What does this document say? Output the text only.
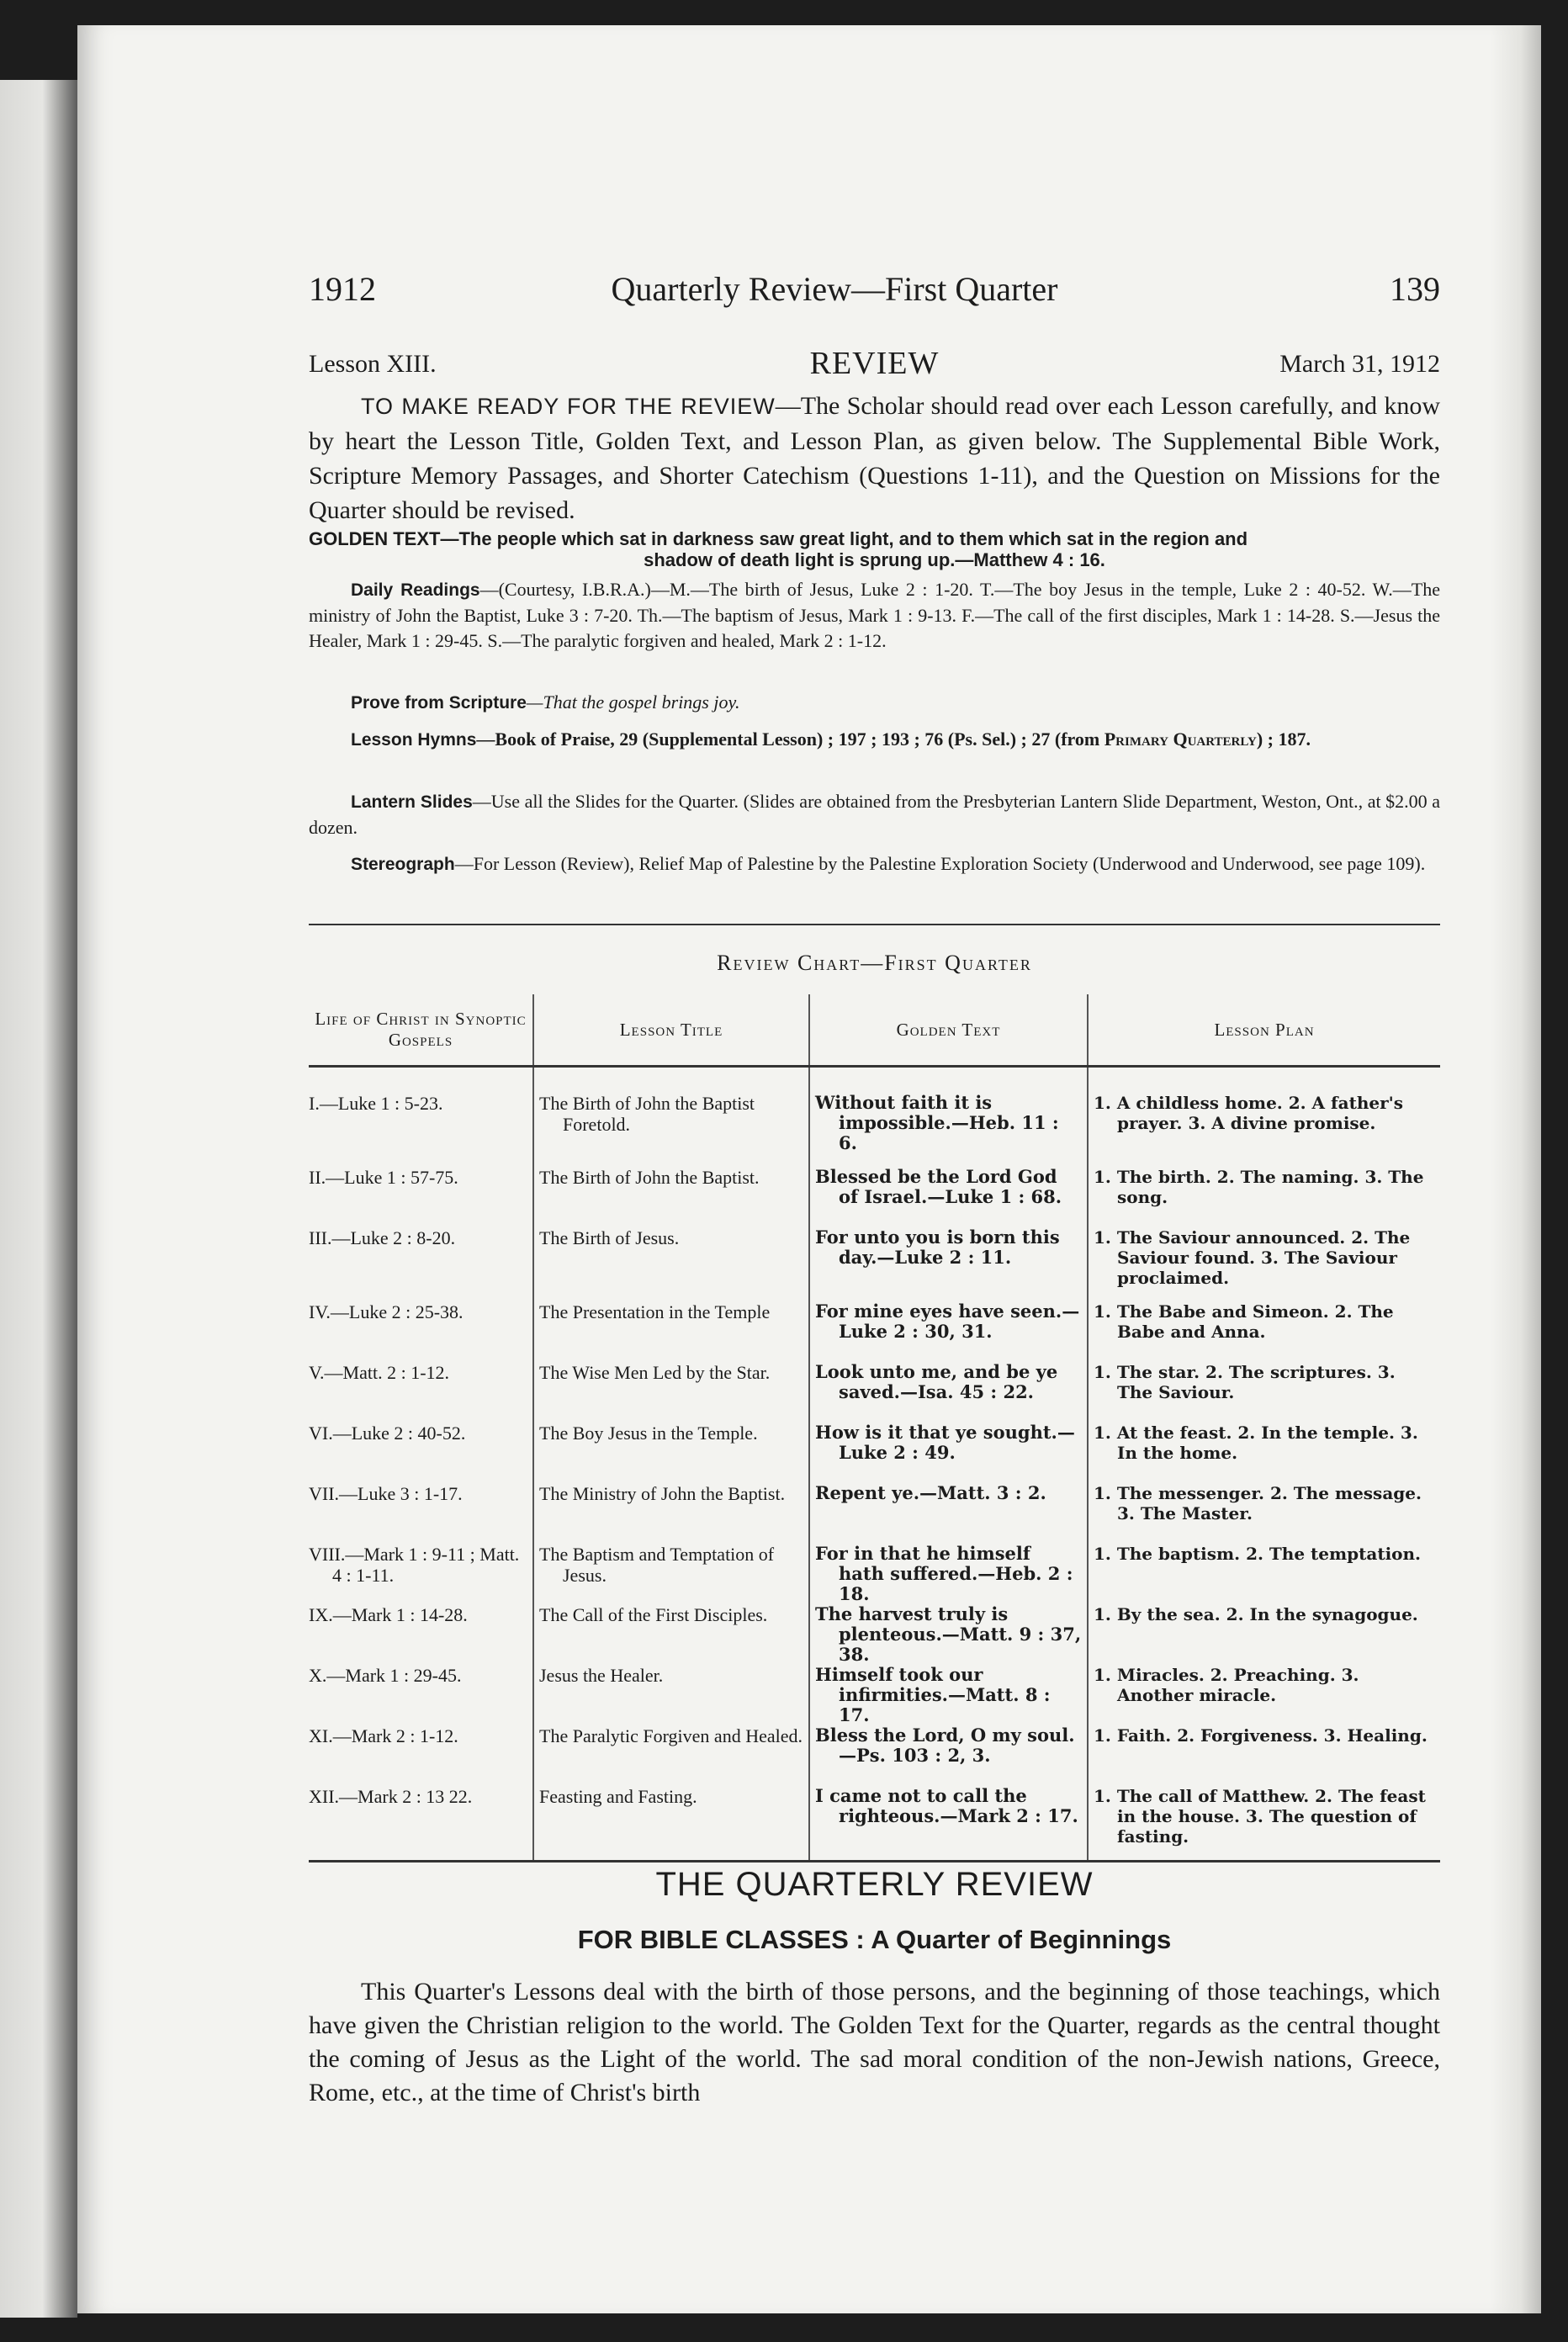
1912	Quarterly Review—First Quarter	139
Lesson XIII.	REVIEW	March 31, 1912
TO MAKE READY FOR THE REVIEW—The Scholar should read over each Lesson carefully, and know by heart the Lesson Title, Golden Text, and Lesson Plan, as given below. The Supplemental Bible Work, Scripture Memory Passages, and Shorter Catechism (Questions 1-11), and the Question on Missions for the Quarter should be revised.
GOLDEN TEXT—The people which sat in darkness saw great light, and to them which sat in the region and
shadow of death light is sprung up.—Matthew 4 : 16.
Daily Readings—(Courtesy, I.B.R.A.)—M.—The birth of Jesus, Luke 2 : 1-20. T.—The boy Jesus in the temple, Luke 2 : 40-52. W.—The ministry of John the Baptist, Luke 3 : 7-20. Th.—The baptism of Jesus, Mark 1 : 9-13. F.—The call of the first disciples, Mark 1 : 14-28. S.—Jesus the Healer, Mark 1 : 29-45. S.—The paralytic forgiven and healed, Mark 2 : 1-12.
Prove from Scripture—That the gospel brings joy.
Lesson Hymns—Book of Praise, 29 (Supplemental Lesson) ; 197 ; 193 ; 76 (Ps. Sel.) ; 27 (from Primary Quarterly) ; 187.
Lantern Slides—Use all the Slides for the Quarter. (Slides are obtained from the Presbyterian Lantern Slide Department, Weston, Ont., at $2.00 a dozen.
Stereograph—For Lesson (Review), Relief Map of Palestine by the Palestine Exploration Society (Underwood and Underwood, see page 109).
Review Chart—First Quarter
Life of Christ in Synoptic Gospels	Lesson Title	Golden Text	Lesson Plan
I.—Luke 1 : 5-23.	The Birth of John the Baptist Foretold.	Without faith it is impossible.—Heb. 11 : 6.	1. A childless home. 2. A father's prayer. 3. A divine promise.

II.—Luke 1 : 57-75.	The Birth of John the Baptist.	Blessed be the Lord God of Israel.—Luke 1 : 68.	1. The birth. 2. The naming. 3. The song.

III.—Luke 2 : 8-20.	The Birth of Jesus.	For unto you is born this day.—Luke 2 : 11.	1. The Saviour announced. 2. The Saviour found. 3. The Saviour proclaimed.

IV.—Luke 2 : 25-38.	The Presentation in the Temple	For mine eyes have seen.—Luke 2 : 30, 31.	1. The Babe and Simeon. 2. The Babe and Anna.

V.—Matt. 2 : 1-12.	The Wise Men Led by the Star.	Look unto me, and be ye saved.—Isa. 45 : 22.	1. The star. 2. The scriptures. 3. The Saviour.

VI.—Luke 2 : 40-52.	The Boy Jesus in the Temple.	How is it that ye sought.—Luke 2 : 49.	1. At the feast. 2. In the temple. 3. In the home.

VII.—Luke 3 : 1-17.	The Ministry of John the Baptist.	Repent ye.—Matt. 3 : 2.	1. The messenger. 2. The message. 3. The Master.

VIII.—Mark 1 : 9-11 ; Matt. 4 : 1-11.	The Baptism and Temptation of Jesus.	For in that he himself hath suffered.—Heb. 2 : 18.	1. The baptism. 2. The temptation.

IX.—Mark 1 : 14-28.	The Call of the First Disciples.	The harvest truly is plenteous.—Matt. 9 : 37, 38.	1. By the sea. 2. In the synagogue.

X.—Mark 1 : 29-45.	Jesus the Healer.	Himself took our infirmities.—Matt. 8 : 17.	1. Miracles. 2. Preaching. 3. Another miracle.

XI.—Mark 2 : 1-12.	The Paralytic Forgiven and Healed.	Bless the Lord, O my soul.—Ps. 103 : 2, 3.	1. Faith. 2. Forgiveness. 3. Healing.

XII.—Mark 2 : 13 22.	Feasting and Fasting.	I came not to call the righteous.—Mark 2 : 17.	1. The call of Matthew. 2. The feast in the house. 3. The question of fasting.
THE QUARTERLY REVIEW
FOR BIBLE CLASSES : A Quarter of Beginnings
This Quarter's Lessons deal with the birth of those persons, and the beginning of those teachings, which have given the Christian religion to the world. The Golden Text for the Quarter, regards as the central thought the coming of Jesus as the Light of the world. The sad moral condition of the non-Jewish nations, Greece, Rome, etc., at the time of Christ's birth
